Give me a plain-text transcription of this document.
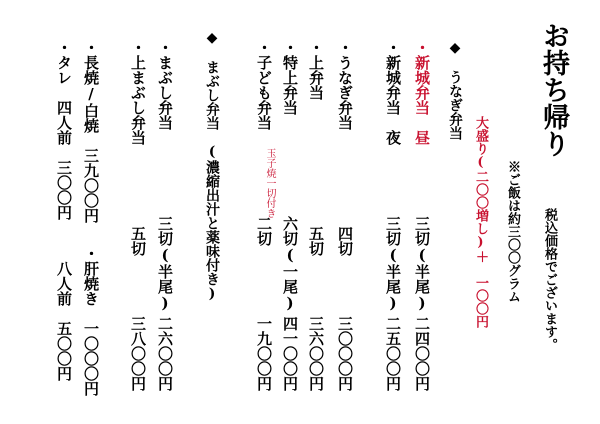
お持ち帰り
税込価格でございます。
※ご飯は約三〇〇グラム
大盛り(二〇〇増し)＋　一〇〇円
◆　うなぎ弁当
・新城弁当　昼
三切(半尾)
二四〇〇円
・新城弁当　夜
三切(半尾)
二五〇〇円
・うなぎ弁当
四切
三〇〇〇円
・上弁当
五切
三六〇〇円
・特上弁当
六切(一尾)
四一〇〇円
・子ども弁当
玉子焼一切付き
二切
一九〇〇円
◆　まぶし弁当　(濃縮出汁と薬味付き)
・まぶし弁当
三切(半尾)
二六〇〇円
・上まぶし弁当
五切
三八〇〇円
・長焼/白焼　三九〇〇円
・肝焼き　一〇〇〇円
・タレ　四人前　三〇〇円
八人前　五〇〇円
